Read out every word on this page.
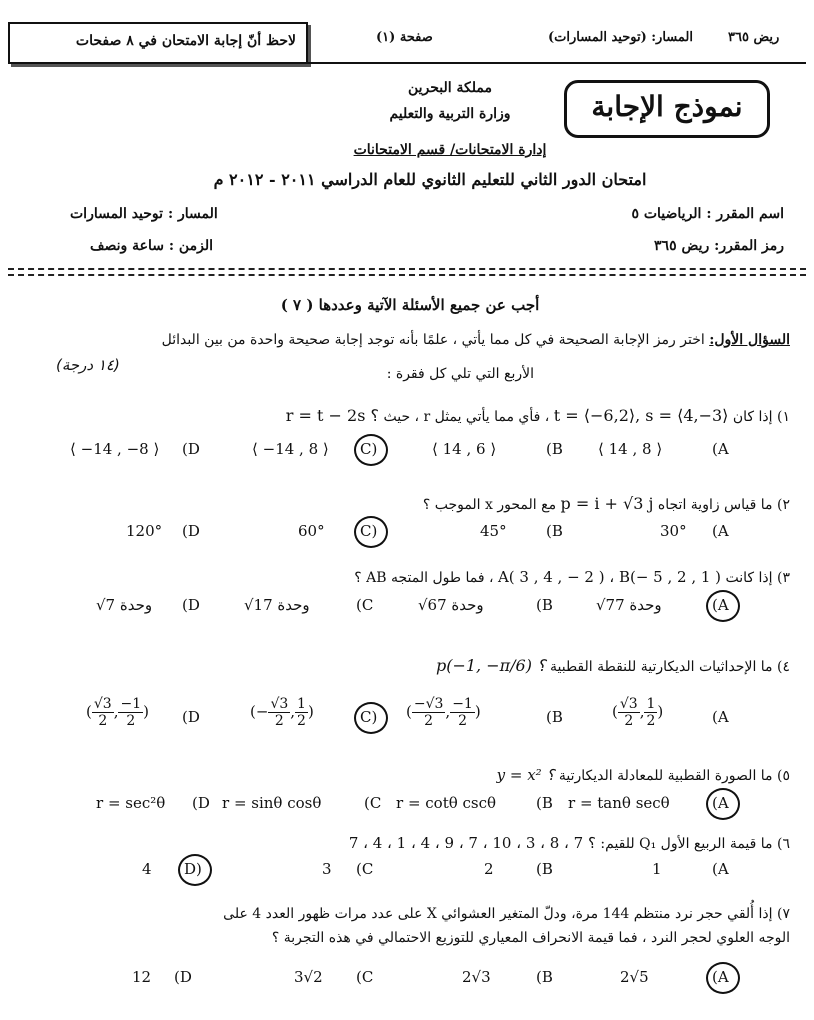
لاحظ أنّ إجابة الامتحان في ٨ صفحات	صفحة (١)	المسار: (توحيد المسارات)	ريض ٣٦٥
نموذج الإجابة
مملكة البحرين
وزارة التربية والتعليم
إدارة الامتحانات/ قسم الامتحانات
امتحان الدور الثاني للتعليم الثانوي للعام الدراسي ٢٠١١ - ٢٠١٢ م
اسم المقرر : الرياضيات ٥
المسار : توحيد المسارات
رمز المقرر: ريض ٣٦٥
الزمن : ساعة ونصف
أجب عن جميع الأسئلة الآتية وعددها ( ٧ )
السؤال الأول: اختر رمز الإجابة الصحيحة في كل مما يأتي ، علمًا بأنه توجد إجابة صحيحة واحدة من بين البدائل
الأربع التي تلي كل فقرة :
(١٤ درجة)
١) إذا كان t = ⟨−6,2⟩, s = ⟨4,−3⟩ ، فأي مما يأتي يمثل r ، حيث r = t − 2s ؟
(A
⟨ 14 , 8 ⟩
(B
⟨ 14 , 6 ⟩
C)
⟨ −14 , 8 ⟩
(D
⟨ −14 , −8 ⟩
٢) ما قياس زاوية اتجاه p = i + √3 j مع المحور x الموجب ؟
(A
30°
(B
45°
C)
60°
(D
120°
٣) إذا كانت A( 3 , 4 , − 2 ) ، B(− 5 , 2 , 1 ) ، فما طول المتجه AB ؟
(A
√77 وحدة
(B
√67 وحدة
(C
√17 وحدة
(D
√7 وحدة
٤) ما الإحداثيات الديكارتية للنقطة القطبية p(−1, −π/6) ؟
(A
( $\frac{√3}{2}$ , $\frac{1}{2}$ )
(B
( $\frac{-√3}{2}$ , $\frac{-1}{2}$ )
C)
(− $\frac{√3}{2}$ , $\frac{1}{2}$ )
(D
( $\frac{√3}{2}$ , $\frac{-1}{2}$ )
٥) ما الصورة القطبية للمعادلة الديكارتية y = x² ؟
(A
r = tanθ secθ
(B
r = cotθ cscθ
(C
r = sinθ cosθ
(D
r = sec²θ
٦) ما قيمة الربيع الأول Q₁ للقيم: 7 ، 4 ، 1 ، 4 ، 9 ، 7 ، 10 ، 3 ، 8 ، 7 ؟
(A
1
(B
2
(C
3
D)
4
٧) إذا أُلقي حجر نرد منتظم 144 مرة، ودلّ المتغير العشوائي X على عدد مرات ظهور العدد 4 على
الوجه العلوي لحجر النرد ، فما قيمة الانحراف المعياري للتوزيع الاحتمالي في هذه التجربة ؟
(A
2√5
(B
2√3
(C
3√2
(D
12
